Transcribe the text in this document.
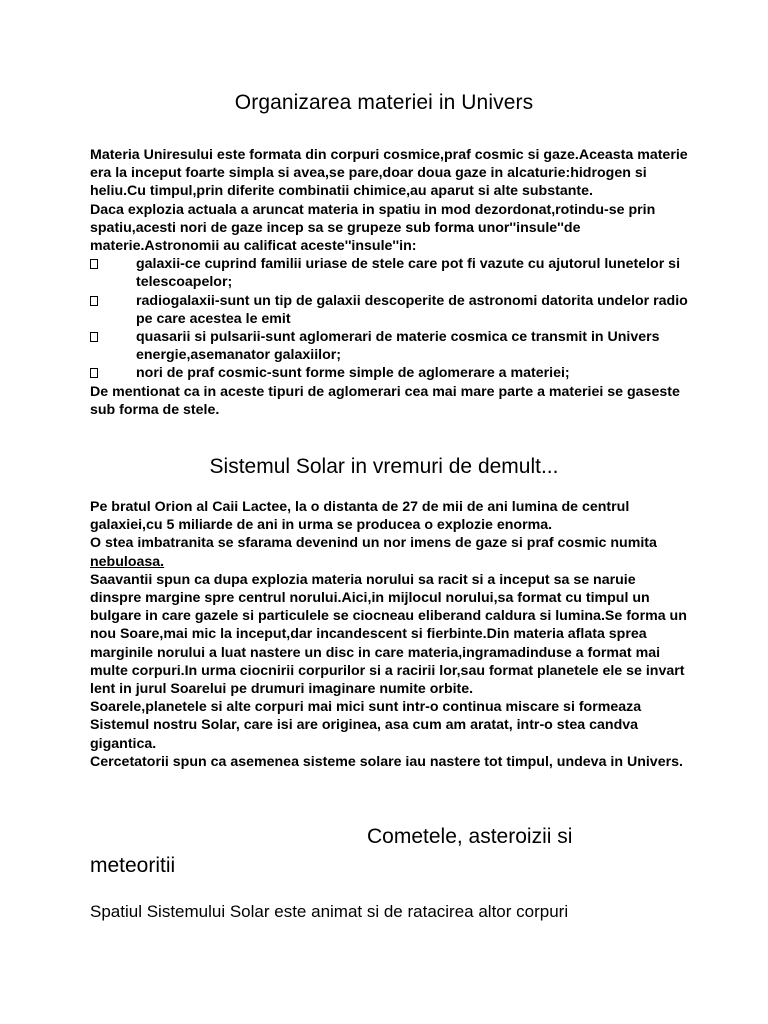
Organizarea materiei in Univers

Materia Uniresului este formata din corpuri cosmice,praf cosmic si gaze.Aceasta materie era la inceput foarte simpla si avea,se pare,doar doua gaze in alcaturie:hidrogen si heliu.Cu timpul,prin diferite combinatii chimice,au aparut si alte substante.

Daca explozia actuala a aruncat materia in spatiu in mod dezordonat,rotindu-se prin spatiu,acesti nori de gaze incep sa se grupeze sub forma unor''insule''de materie.Astronomii au calificat aceste''insule''in:

galaxii-ce cuprind familii uriase de stele care pot fi vazute cu ajutorul lunetelor si telescoapelor;
radiogalaxii-sunt un tip de galaxii descoperite de astronomi datorita undelor radio pe care acestea le emit
quasarii si pulsarii-sunt aglomerari de materie cosmica ce transmit in Univers energie,asemanator galaxiilor;
nori de praf cosmic-sunt forme simple de aglomerare a materiei;

De mentionat ca in aceste tipuri de aglomerari cea mai mare parte a materiei se gaseste sub forma de stele.

Sistemul Solar in vremuri de demult...

Pe bratul Orion al Caii Lactee, la o distanta de 27 de mii de ani lumina de centrul galaxiei,cu 5 miliarde de ani in urma se producea o explozie enorma.

O stea imbatranita se sfarama devenind un nor imens de gaze si praf cosmic numita nebuloasa.

Saavantii spun ca dupa explozia materia norului sa racit si a inceput sa se naruie dinspre margine spre centrul norului.Aici,in mijlocul norului,sa format cu timpul un bulgare in care gazele si particulele se ciocneau eliberand caldura si lumina.Se forma un nou Soare,mai mic la inceput,dar incandescent si fierbinte.Din materia aflata sprea marginile norului a luat nastere un disc in care materia,ingramadinduse a format mai multe corpuri.In urma ciocnirii corpurilor si a racirii lor,sau format planetele ele se invart lent in jurul Soarelui pe drumuri imaginare numite orbite.

Soarele,planetele si alte corpuri mai mici sunt intr-o continua miscare si formeaza Sistemul nostru Solar, care isi are originea, asa cum am aratat, intr-o stea candva gigantica.

Cercetatorii spun ca asemenea sisteme solare iau nastere tot timpul, undeva in Univers.

Cometele, asteroizii si
meteoritii

Spatiul Sistemului Solar este animat si de ratacirea altor corpuri
